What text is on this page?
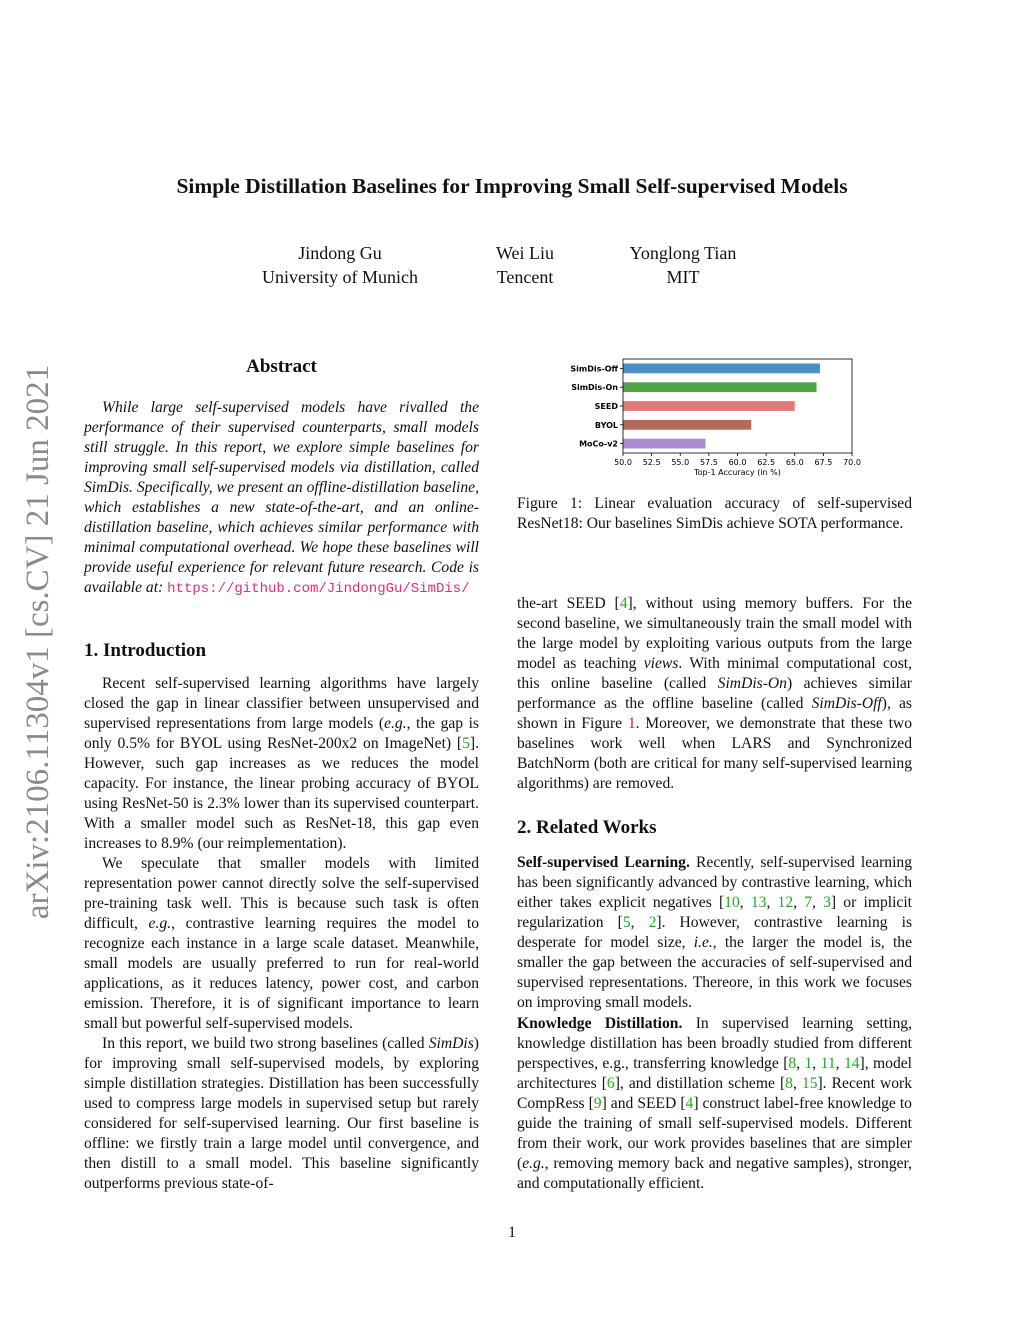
arXiv:2106.11304v1 [cs.CV] 21 Jun 2021
Simple Distillation Baselines for Improving Small Self-supervised Models
Jindong Gu
University of Munich
Wei Liu
Tencent
Yonglong Tian
MIT
Abstract

While large self-supervised models have rivalled the performance of their supervised counterparts, small models still struggle. In this report, we explore simple baselines for improving small self-supervised models via distillation, called SimDis. Specifically, we present an offline-distillation baseline, which establishes a new state-of-the-art, and an online-distillation baseline, which achieves similar performance with minimal computational overhead. We hope these baselines will provide useful experience for relevant future research. Code is available at: https://github.com/JindongGu/SimDis/

1. Introduction

Recent self-supervised learning algorithms have largely closed the gap in linear classifier between unsupervised and supervised representations from large models (e.g., the gap is only 0.5% for BYOL using ResNet-200x2 on ImageNet) [5]. However, such gap increases as we reduces the model capacity. For instance, the linear probing accuracy of BYOL using ResNet-50 is 2.3% lower than its supervised counterpart. With a smaller model such as ResNet-18, this gap even increases to 8.9% (our reimplementation).

We speculate that smaller models with limited representation power cannot directly solve the self-supervised pre-training task well. This is because such task is often difficult, e.g., contrastive learning requires the model to recognize each instance in a large scale dataset. Meanwhile, small models are usually preferred to run for real-world applications, as it reduces latency, power cost, and carbon emission. Therefore, it is of significant importance to learn small but powerful self-supervised models.

In this report, we build two strong baselines (called SimDis) for improving small self-supervised models, by exploring simple distillation strategies. Distillation has been successfully used to compress large models in supervised setup but rarely considered for self-supervised learning. Our first baseline is offline: we firstly train a large model until convergence, and then distill to a small model. This baseline significantly outperforms previous state-of-

SimDis-Off
SimDis-On
SEED
BYOL
MoCo-v2
50.0 52.5 55.0 57.5 60.0 62.5 65.0 67.5 70.0
Top-1 Accuracy (in %)
Figure 1: Linear evaluation accuracy of self-supervised ResNet18: Our baselines SimDis achieve SOTA performance.

the-art SEED [4], without using memory buffers. For the second baseline, we simultaneously train the small model with the large model by exploiting various outputs from the large model as teaching views. With minimal computational cost, this online baseline (called SimDis-On) achieves similar performance as the offline baseline (called SimDis-Off), as shown in Figure 1. Moreover, we demonstrate that these two baselines work well when LARS and Synchronized BatchNorm (both are critical for many self-supervised learning algorithms) are removed.

2. Related Works

Self-supervised Learning. Recently, self-supervised learning has been significantly advanced by contrastive learning, which either takes explicit negatives [10, 13, 12, 7, 3] or implicit regularization [5, 2]. However, contrastive learning is desperate for model size, i.e., the larger the model is, the smaller the gap between the accuracies of self-supervised and supervised representations. Thereore, in this work we focuses on improving small models.

Knowledge Distillation. In supervised learning setting, knowledge distillation has been broadly studied from different perspectives, e.g., transferring knowledge [8, 1, 11, 14], model architectures [6], and distillation scheme [8, 15]. Recent work CompRess [9] and SEED [4] construct label-free knowledge to guide the training of small self-supervised models. Different from their work, our work provides baselines that are simpler (e.g., removing memory back and negative samples), stronger, and computationally efficient.

1
